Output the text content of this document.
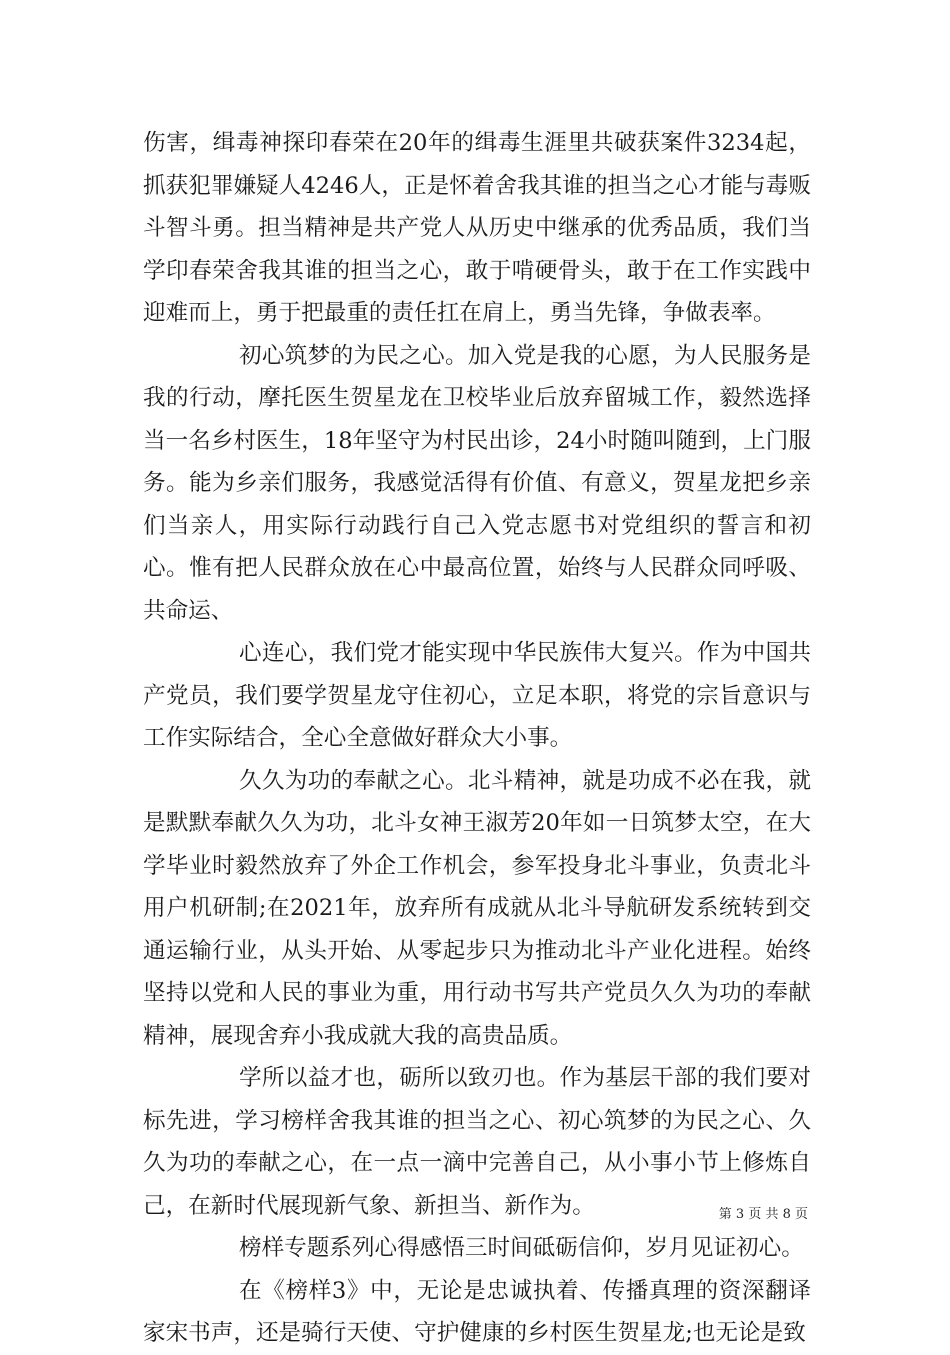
伤害，缉毒神探印春荣在20年的缉毒生涯里共破获案件3234起，抓获犯罪嫌疑人4246人，正是怀着舍我其谁的担当之心才能与毒贩斗智斗勇。担当精神是共产党人从历史中继承的优秀品质，我们当学印春荣舍我其谁的担当之心，敢于啃硬骨头，敢于在工作实践中迎难而上，勇于把最重的责任扛在肩上，勇当先锋，争做表率。

初心筑梦的为民之心。加入党是我的心愿，为人民服务是我的行动，摩托医生贺星龙在卫校毕业后放弃留城工作，毅然选择当一名乡村医生，18年坚守为村民出诊，24小时随叫随到，上门服务。能为乡亲们服务，我感觉活得有价值、有意义，贺星龙把乡亲们当亲人，用实际行动践行自己入党志愿书对党组织的誓言和初心。惟有把人民群众放在心中最高位置，始终与人民群众同呼吸、共命运、

心连心，我们党才能实现中华民族伟大复兴。作为中国共产党员，我们要学贺星龙守住初心，立足本职，将党的宗旨意识与工作实际结合，全心全意做好群众大小事。

久久为功的奉献之心。北斗精神，就是功成不必在我，就是默默奉献久久为功，北斗女神王淑芳20年如一日筑梦太空，在大学毕业时毅然放弃了外企工作机会，参军投身北斗事业，负责北斗用户机研制;在2021年，放弃所有成就从北斗导航研发系统转到交通运输行业，从头开始、从零起步只为推动北斗产业化进程。始终坚持以党和人民的事业为重，用行动书写共产党员久久为功的奉献精神，展现舍弃小我成就大我的高贵品质。

学所以益才也，砺所以致刃也。作为基层干部的我们要对标先进，学习榜样舍我其谁的担当之心、初心筑梦的为民之心、久久为功的奉献之心，在一点一滴中完善自己，从小事小节上修炼自己，在新时代展现新气象、新担当、新作为。

榜样专题系列心得感悟三时间砥砺信仰，岁月见证初心。

在《榜样3》中，无论是忠诚执着、传播真理的资深翻译家宋书声，还是骑行天使、守护健康的乡村医生贺星龙;也无论是致

第 3 页 共 8 页
